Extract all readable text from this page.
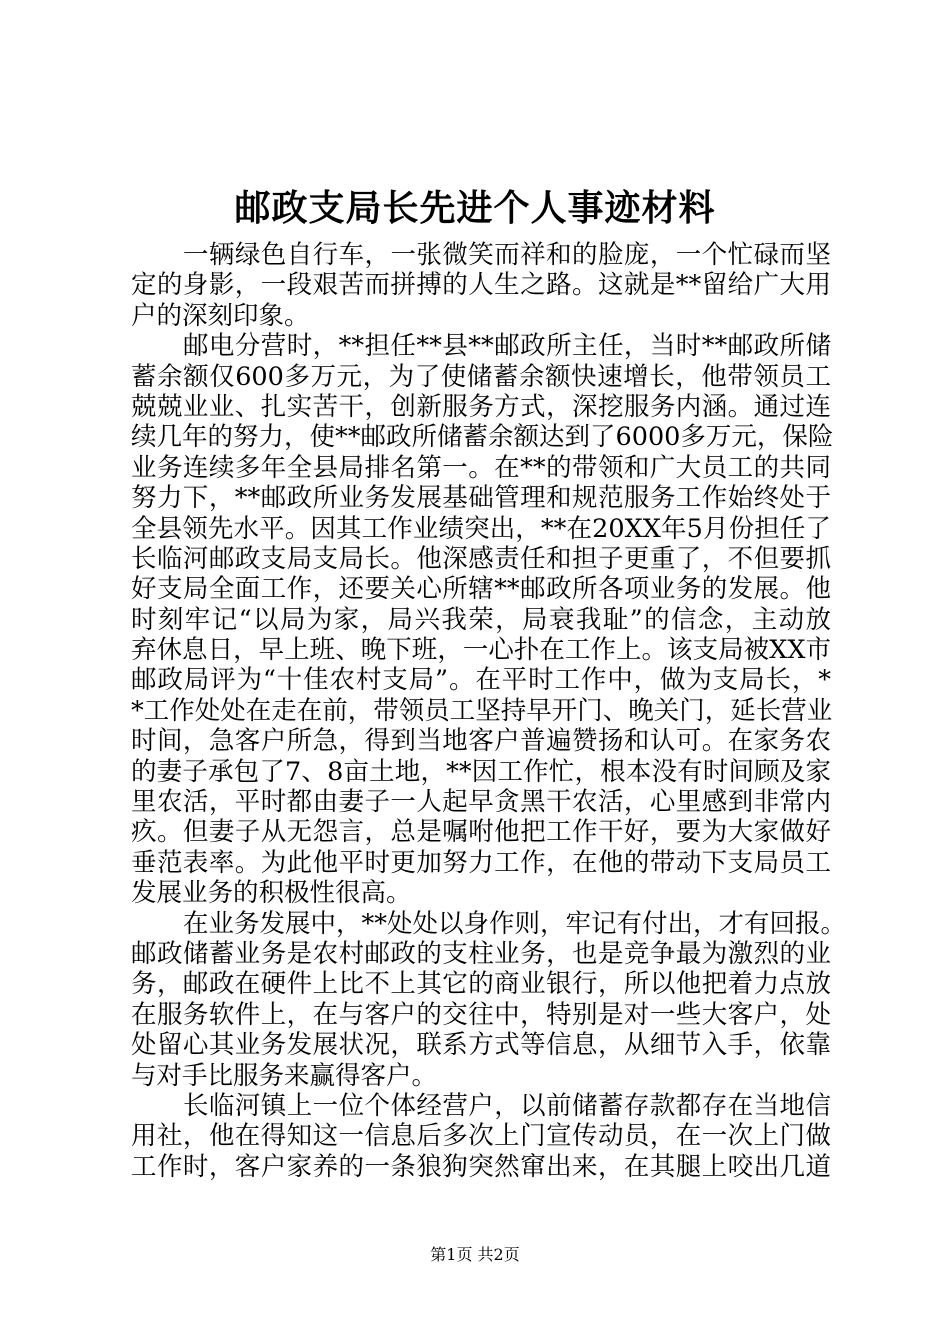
邮政支局长先进个人事迹材料
一辆绿色自行车，一张微笑而祥和的脸庞，一个忙碌而坚
定的身影，一段艰苦而拼搏的人生之路。这就是**留给广大用
户的深刻印象。
邮电分营时，**担任**县**邮政所主任，当时**邮政所储
蓄余额仅600多万元，为了使储蓄余额快速增长，他带领员工
兢兢业业、扎实苦干，创新服务方式，深挖服务内涵。通过连
续几年的努力，使**邮政所储蓄余额达到了6000多万元，保险
业务连续多年全县局排名第一。在**的带领和广大员工的共同
努力下，**邮政所业务发展基础管理和规范服务工作始终处于
全县领先水平。因其工作业绩突出，**在20XX年5月份担任了
长临河邮政支局支局长。他深感责任和担子更重了，不但要抓
好支局全面工作，还要关心所辖**邮政所各项业务的发展。他
时刻牢记“以局为家，局兴我荣，局衰我耻”的信念，主动放
弃休息日，早上班、晚下班，一心扑在工作上。该支局被XX市
邮政局评为“十佳农村支局”。在平时工作中，做为支局长，*
*工作处处在走在前，带领员工坚持早开门、晚关门，延长营业
时间，急客户所急，得到当地客户普遍赞扬和认可。在家务农
的妻子承包了7、8亩土地，**因工作忙，根本没有时间顾及家
里农活，平时都由妻子一人起早贪黑干农活，心里感到非常内
疚。但妻子从无怨言，总是嘱咐他把工作干好，要为大家做好
垂范表率。为此他平时更加努力工作，在他的带动下支局员工
发展业务的积极性很高。
在业务发展中，**处处以身作则，牢记有付出，才有回报。
邮政储蓄业务是农村邮政的支柱业务，也是竞争最为激烈的业
务，邮政在硬件上比不上其它的商业银行，所以他把着力点放
在服务软件上，在与客户的交往中，特别是对一些大客户，处
处留心其业务发展状况，联系方式等信息，从细节入手，依靠
与对手比服务来赢得客户。
长临河镇上一位个体经营户，以前储蓄存款都存在当地信
用社，他在得知这一信息后多次上门宣传动员，在一次上门做
工作时，客户家养的一条狼狗突然窜出来，在其腿上咬出几道
第1页 共2页
